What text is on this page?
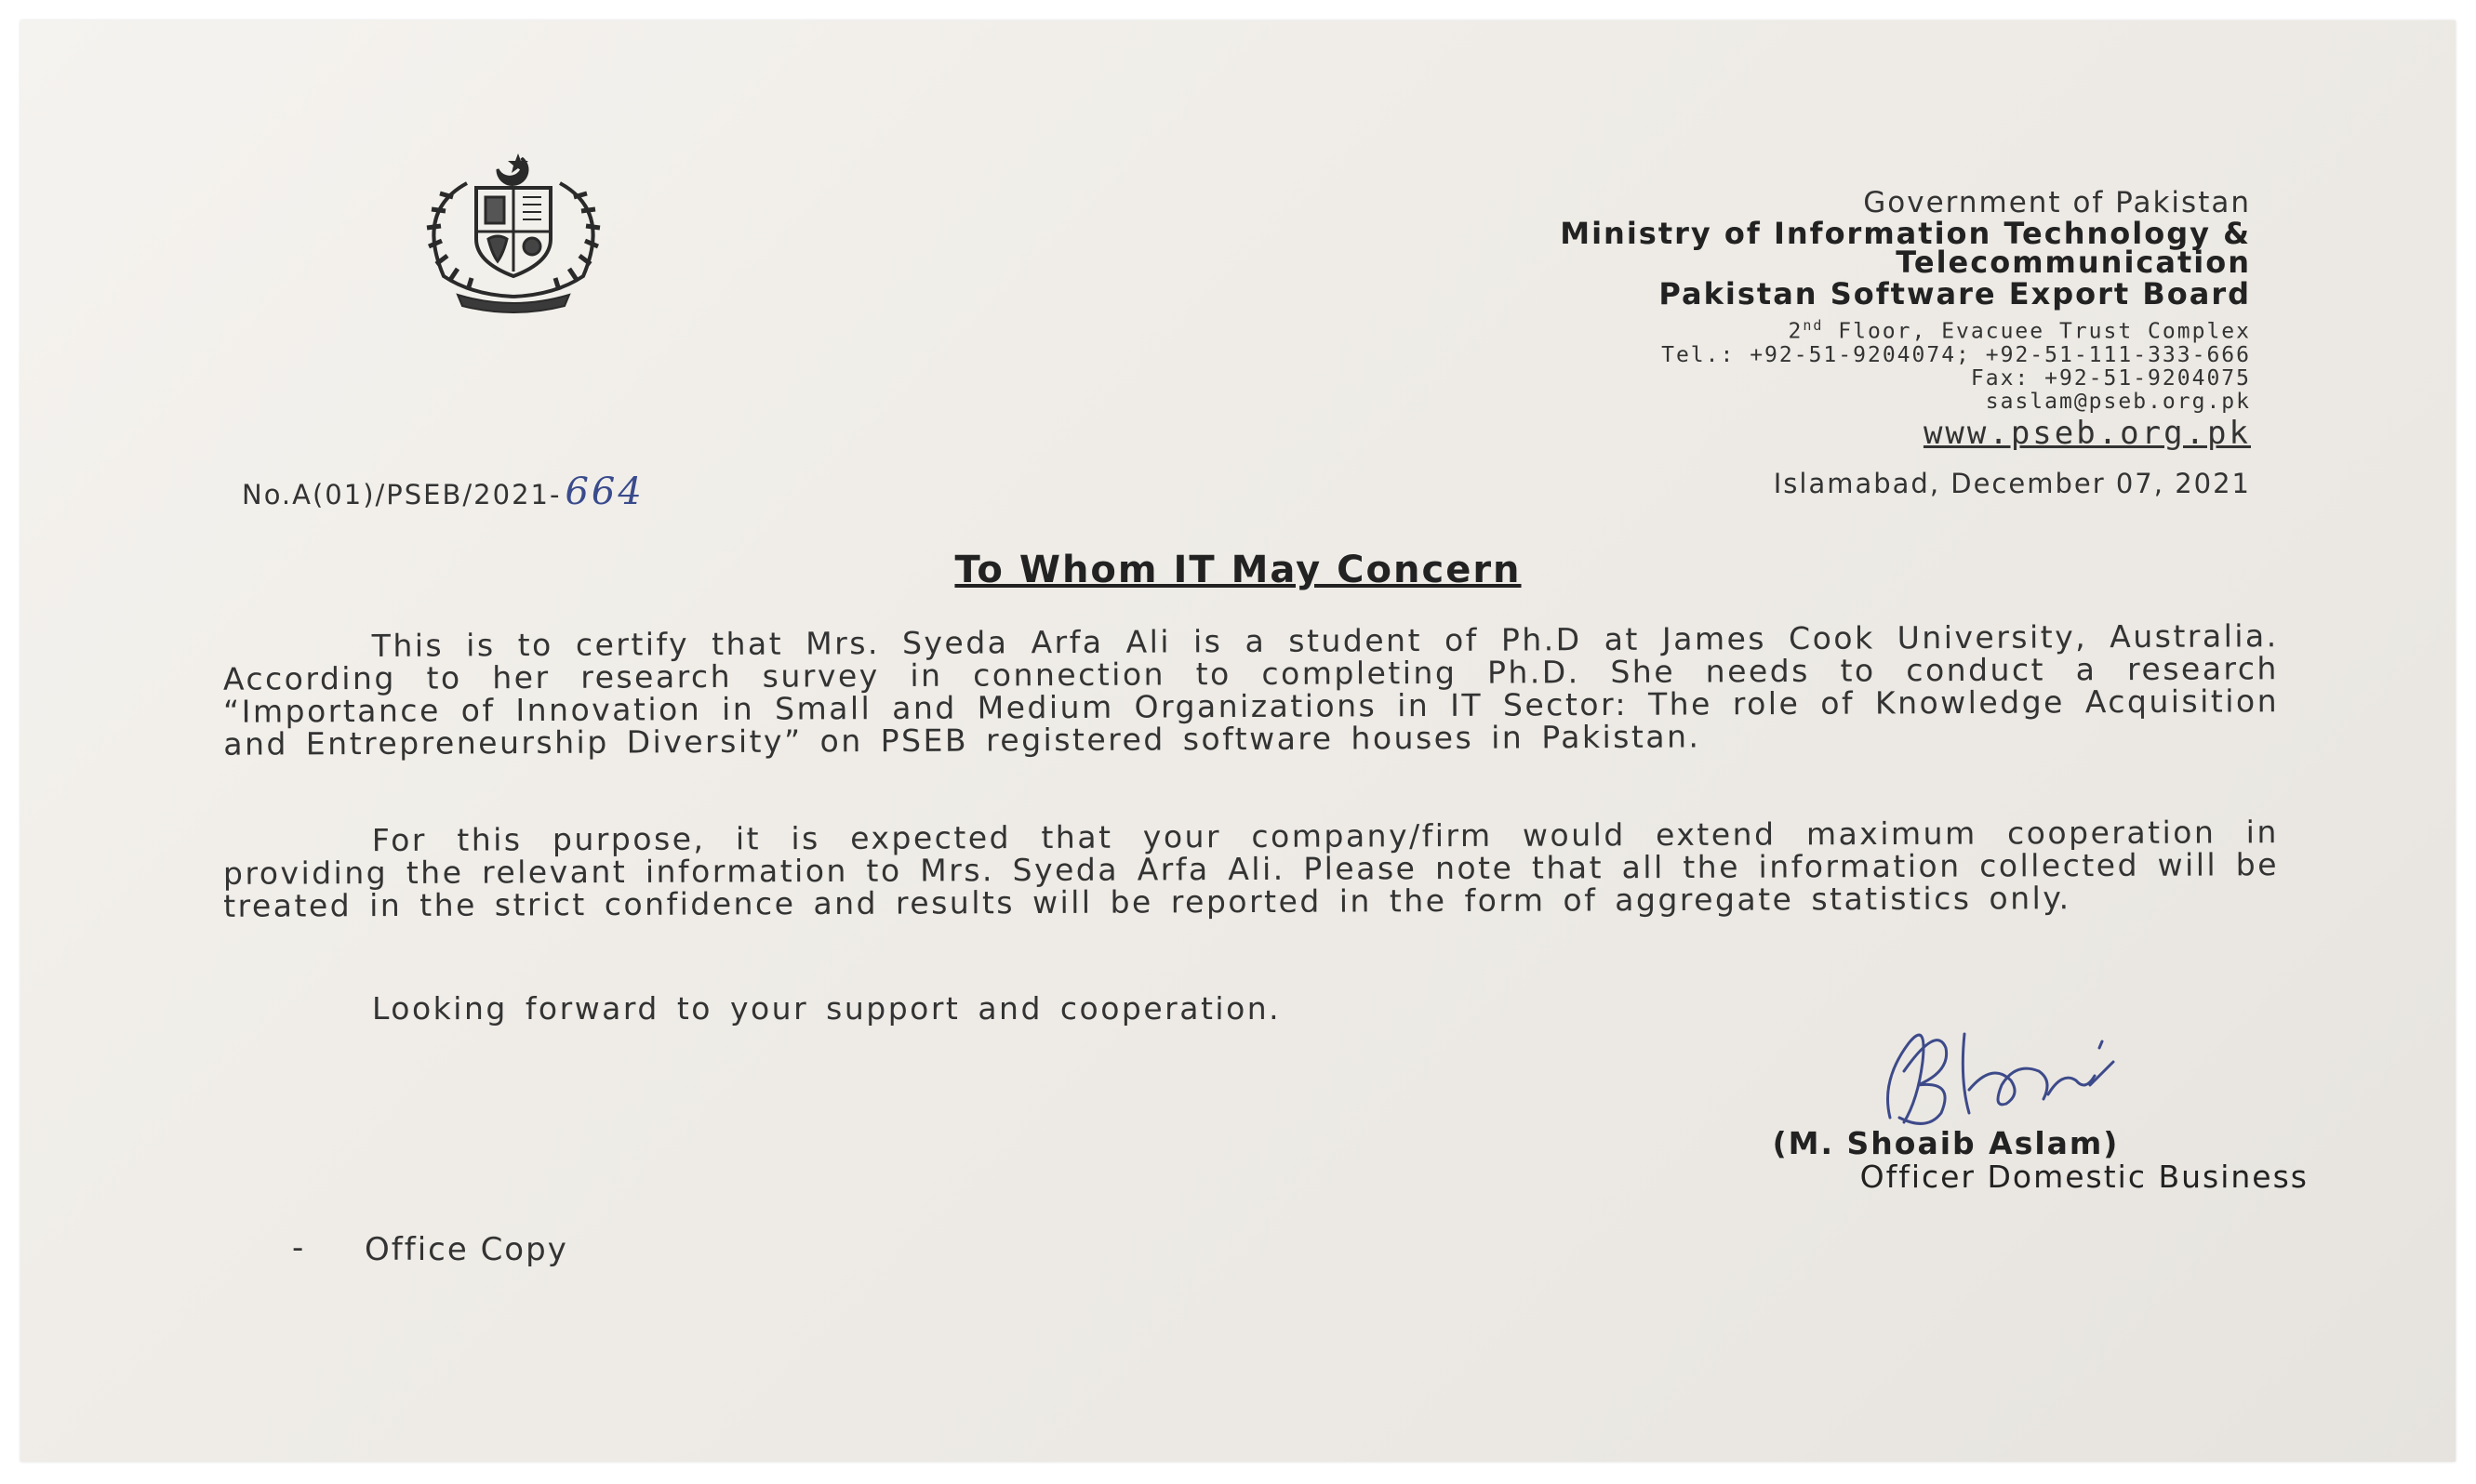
Government of Pakistan
Ministry of Information Technology &
Telecommunication
Pakistan Software Export Board
2nd Floor, Evacuee Trust Complex
Tel.: +92-51-9204074; +92-51-111-333-666
Fax: +92-51-9204075
saslam@pseb.org.pk
www.pseb.org.pk
No.A(01)/PSEB/2021- 664	Islamabad, December 07, 2021
To Whom IT May Concern
This is to certify that Mrs. Syeda Arfa Ali is a student of Ph.D at James Cook University, Australia. According to her research survey in connection to completing Ph.D. She needs to conduct a research “Importance of Innovation in Small and Medium Organizations in IT Sector: The role of Knowledge Acquisition and Entrepreneurship Diversity” on PSEB registered software houses in Pakistan.
For this purpose, it is expected that your company/firm would extend maximum cooperation in providing the relevant information to Mrs. Syeda Arfa Ali. Please note that all the information collected will be treated in the strict confidence and results will be reported in the form of aggregate statistics only.
Looking forward to your support and cooperation.
(M. Shoaib Aslam)
Officer Domestic Business
- Office Copy
